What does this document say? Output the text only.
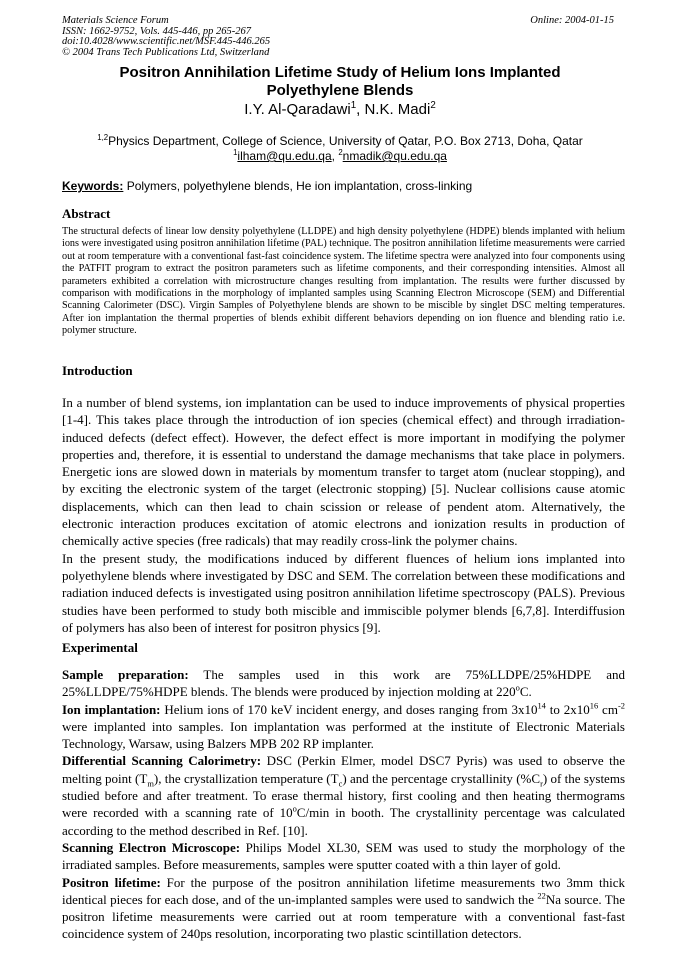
Materials Science Forum
ISSN: 1662-9752, Vols. 445-446, pp 265-267
doi:10.4028/www.scientific.net/MSF.445-446.265
© 2004 Trans Tech Publications Ltd, Switzerland
Online: 2004-01-15
Positron Annihilation Lifetime Study of Helium Ions Implanted
Polyethylene Blends
I.Y. Al-Qaradawi$^1$, N.K. Madi$^2$
$^{1,2}$Physics Department, College of Science, University of Qatar, P.O. Box 2713, Doha, Qatar
$^1$ilham@qu.edu.qa, $^2$nmadik@qu.edu.qa
Keywords: Polymers, polyethylene blends, He ion implantation, cross-linking
Abstract
The structural defects of linear low density polyethylene (LLDPE) and high density polyethylene (HDPE) blends implanted with helium ions were investigated using positron annihilation lifetime (PAL) technique. The positron annihilation lifetime measurements were carried out at room temperature with a conventional fast-fast coincidence system. The lifetime spectra were analyzed into four components using the PATFIT program to extract the positron parameters such as lifetime components, and their corresponding intensities. Almost all parameters exhibited a correlation with microstructure changes resulting from implantation. The results were further discussed by comparison with modifications in the morphology of implanted samples using Scanning Electron Microscope (SEM) and Differential Scanning Calorimeter (DSC). Virgin Samples of Polyethylene blends are shown to be miscible by singlet DSC melting temperatures. After ion implantation the thermal properties of blends exhibit different behaviors depending on ion fluence and blending ratio i.e. polymer structure.
Introduction

In a number of blend systems, ion implantation can be used to induce improvements of physical properties [1-4]. This takes place through the introduction of ion species (chemical effect) and through irradiation-induced defects (defect effect). However, the defect effect is more important in modifying the polymer properties and, therefore, it is essential to understand the damage mechanisms that take place in polymers. Energetic ions are slowed down in materials by momentum transfer to target atom (nuclear stopping), and by exciting the electronic system of the target (electronic stopping) [5]. Nuclear collisions cause atomic displacements, which can then lead to chain scission or release of pendent atom. Alternatively, the electronic interaction produces excitation of atomic electrons and ionization results in production of chemically active species (free radicals) that may readily cross-link the polymer chains.

In the present study, the modifications induced by different fluences of helium ions implanted into polyethylene blends where investigated by DSC and SEM. The correlation between these modifications and radiation induced defects is investigated using positron annihilation lifetime spectroscopy (PALS). Previous studies have been performed to study both miscible and immiscible polymer blends [6,7,8]. Interdiffusion of polymers has also been of interest for positron physics [9].

Experimental

Sample preparation: The samples used in this work are 75%LLDPE/25%HDPE and 25%LLDPE/75%HDPE blends. The blends were produced by injection molding at 220$^o$C.

Ion implantation: Helium ions of 170 keV incident energy, and doses ranging from $3x10^{14}$ to $2x10^{16}$ $cm^{-2}$ were implanted into samples. Ion implantation was performed at the institute of Electronic Materials Technology, Warsaw, using Balzers MPB 202 RP implanter.

Differential Scanning Calorimetry: DSC (Perkin Elmer, model DSC7 Pyris) was used to observe the melting point $(T_m)$, the crystallization temperature $(T_c)$ and the percentage crystallinity $(\%C_r)$ of the systems studied before and after treatment. To erase thermal history, first cooling and then heating thermograms were recorded with a scanning rate of 10$^o$C/min in booth. The crystallinity percentage was calculated according to the method described in Ref. [10].

Scanning Electron Microscope: Philips Model XL30, SEM was used to study the morphology of the irradiated samples. Before measurements, samples were sputter coated with a thin layer of gold.

Positron lifetime: For the purpose of the positron annihilation lifetime measurements two 3mm thick identical pieces for each dose, and of the un-implanted samples were used to sandwich the $^{22}$Na source. The positron lifetime measurements were carried out at room temperature with a conventional fast-fast coincidence system of 240ps resolution, incorporating two plastic scintillation detectors.
